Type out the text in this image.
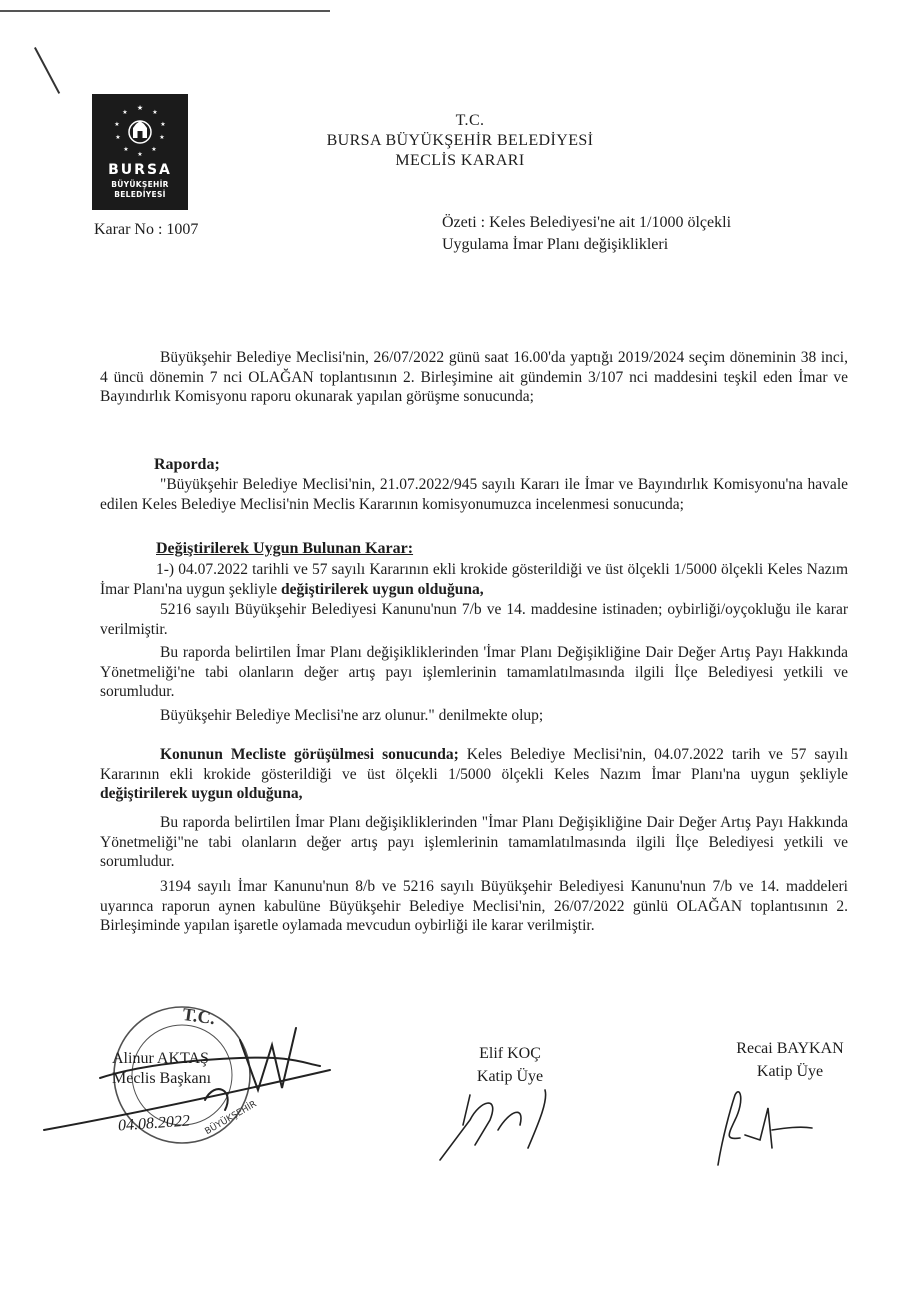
★
★	★
★	★
★	★
★	★
★
BURSA
BÜYÜKŞEHİR
BELEDİYESİ
T.C.
BURSA BÜYÜKŞEHİR BELEDİYESİ
MECLİS KARARI
Karar No : 1007	Özeti : Keles Belediyesi'ne ait 1/1000 ölçekli
Uygulama İmar Planı değişiklikleri
Büyükşehir Belediye Meclisi'nin, 26/07/2022 günü saat 16.00'da yaptığı 2019/2024 seçim döneminin 38 inci, 4 üncü dönemin 7 nci OLAĞAN toplantısının 2. Birleşimine ait gündemin 3/107 nci maddesini teşkil eden İmar ve Bayındırlık Komisyonu raporu okunarak yapılan görüşme sonucunda;
Raporda;
"Büyükşehir Belediye Meclisi'nin, 21.07.2022/945 sayılı Kararı ile İmar ve Bayındırlık Komisyonu'na havale edilen Keles Belediye Meclisi'nin Meclis Kararının komisyonumuzca incelenmesi sonucunda;
Değiştirilerek Uygun Bulunan Karar:
1-) 04.07.2022 tarihli ve 57 sayılı Kararının ekli krokide gösterildiği ve üst ölçekli 1/5000 ölçekli Keles Nazım İmar Planı'na uygun şekliyle değiştirilerek uygun olduğuna,
5216 sayılı Büyükşehir Belediyesi Kanunu'nun 7/b ve 14. maddesine istinaden; oybirliği/oyçokluğu ile karar verilmiştir.
Bu raporda belirtilen İmar Planı değişikliklerinden 'İmar Planı Değişikliğine Dair Değer Artış Payı Hakkında Yönetmeliği'ne tabi olanların değer artış payı işlemlerinin tamamlatılmasında ilgili İlçe Belediyesi yetkili ve sorumludur.
Büyükşehir Belediye Meclisi'ne arz olunur." denilmekte olup;
Konunun Mecliste görüşülmesi sonucunda; Keles Belediye Meclisi'nin, 04.07.2022 tarih ve 57 sayılı Kararının ekli krokide gösterildiği ve üst ölçekli 1/5000 ölçekli Keles Nazım İmar Planı'na uygun şekliyle değiştirilerek uygun olduğuna,
Bu raporda belirtilen İmar Planı değişikliklerinden "İmar Planı Değişikliğine Dair Değer Artış Payı Hakkında Yönetmeliği"ne tabi olanların değer artış payı işlemlerinin tamamlatılmasında ilgili İlçe Belediyesi yetkili ve sorumludur.
3194 sayılı İmar Kanunu'nun 8/b ve 5216 sayılı Büyükşehir Belediyesi Kanunu'nun 7/b ve 14. maddeleri uyarınca raporun aynen kabulüne Büyükşehir Belediye Meclisi'nin, 26/07/2022 günlü OLAĞAN toplantısının 2. Birleşiminde yapılan işaretle oylamada mevcudun oybirliği ile karar verilmiştir.
T.C.
BÜYÜKŞEHİR
Alinur AKTAŞ
Meclis Başkanı
04.08.2022
Elif KOÇ
Katip Üye
Recai BAYKAN
Katip Üye
